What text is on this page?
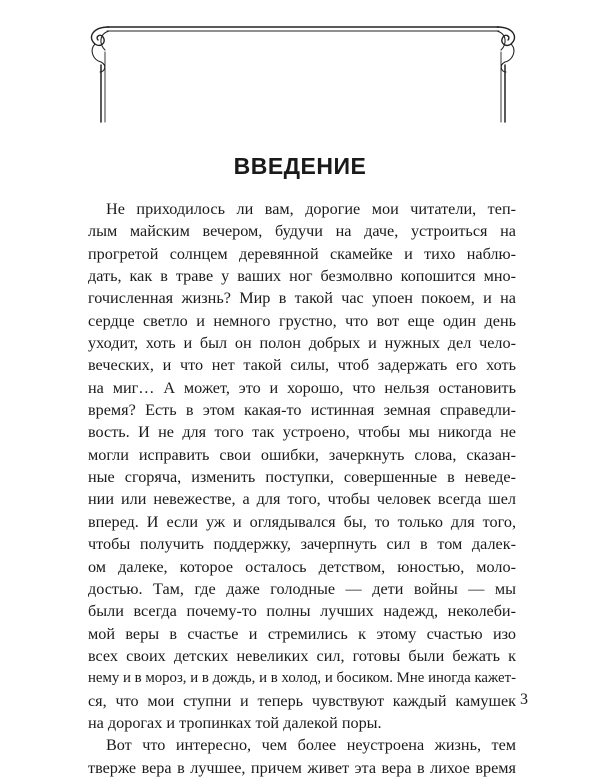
ВВЕДЕНИЕ
Не приходилось ли вам, дорогие мои читатели, теп-
лым майским вечером, будучи на даче, устроиться на
прогретой солнцем деревянной скамейке и тихо наблю-
дать, как в траве у ваших ног безмолвно копошится мно-
гочисленная жизнь? Мир в такой час упоен покоем, и на
сердце светло и немного грустно, что вот еще один день
уходит, хоть и был он полон добрых и нужных дел чело-
веческих, и что нет такой силы, чтоб задержать его хоть
на миг… А может, это и хорошо, что нельзя остановить
время? Есть в этом какая-то истинная земная справедли-
вость. И не для того так устроено, чтобы мы никогда не
могли исправить свои ошибки, зачеркнуть слова, сказан-
ные сгоряча, изменить поступки, совершенные в неведе-
нии или невежестве, а для того, чтобы человек всегда шел
вперед. И если уж и оглядывался бы, то только для того,
чтобы получить поддержку, зачерпнуть сил в том далек-
ом далеке, которое осталось детством, юностью, моло-
достью. Там, где даже голодные — дети войны — мы
были всегда почему-то полны лучших надежд, неколеби-
мой веры в счастье и стремились к этому счастью изо
всех своих детских невеликих сил, готовы были бежать к
нему и в мороз, и в дождь, и в холод, и босиком. Мне иногда кажет-
ся, что мои ступни и теперь чувствуют каждый камушек
на дорогах и тропинках той далекой поры.
Вот что интересно, чем более неустроена жизнь, тем
тверже вера в лучшее, причем живет эта вера в лихое время
3
